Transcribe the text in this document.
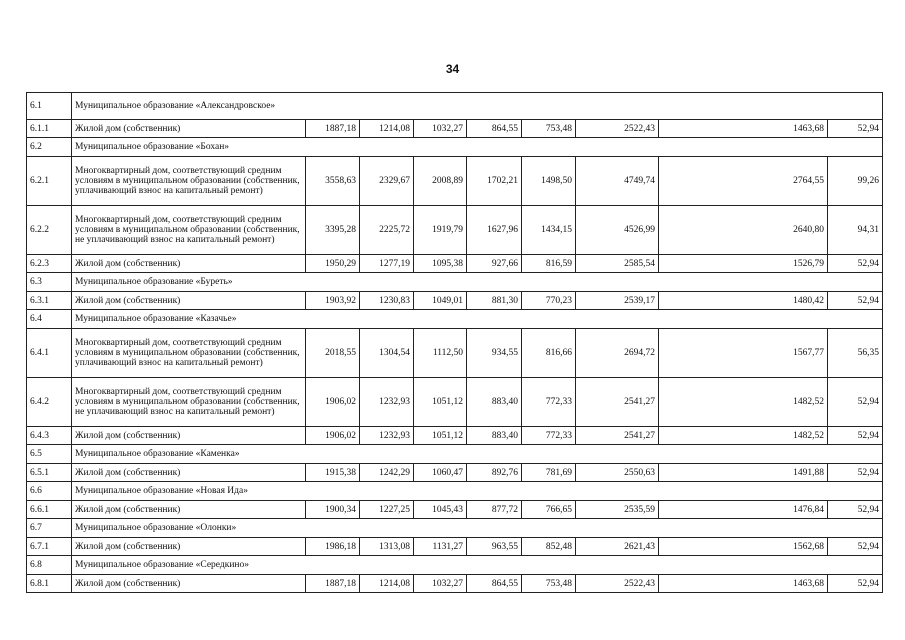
34
6.1	Муниципальное образование «Александровское»								
6.1.1	Жилой дом (собственник)	1887,18	1214,08	1032,27	864,55	753,48	2522,43	1463,68	52,94
6.2	Муниципальное образование «Бохан»								
6.2.1	Многоквартирный дом, соответствующий средним условиям в муниципальном образовании (собственник, уплачивающий взнос на капитальный ремонт)	3558,63	2329,67	2008,89	1702,21	1498,50	4749,74	2764,55	99,26
6.2.2	Многоквартирный дом, соответствующий средним условиям в муниципальном образовании (собственник, не уплачивающий взнос на капитальный ремонт)	3395,28	2225,72	1919,79	1627,96	1434,15	4526,99	2640,80	94,31
6.2.3	Жилой дом (собственник)	1950,29	1277,19	1095,38	927,66	816,59	2585,54	1526,79	52,94
6.3	Муниципальное образование «Буреть»								
6.3.1	Жилой дом (собственник)	1903,92	1230,83	1049,01	881,30	770,23	2539,17	1480,42	52,94
6.4	Муниципальное образование «Казачье»								
6.4.1	Многоквартирный дом, соответствующий средним условиям в муниципальном образовании (собственник, уплачивающий взнос на капитальный ремонт)	2018,55	1304,54	1112,50	934,55	816,66	2694,72	1567,77	56,35
6.4.2	Многоквартирный дом, соответствующий средним условиям в муниципальном образовании (собственник, не уплачивающий взнос на капитальный ремонт)	1906,02	1232,93	1051,12	883,40	772,33	2541,27	1482,52	52,94
6.4.3	Жилой дом (собственник)	1906,02	1232,93	1051,12	883,40	772,33	2541,27	1482,52	52,94
6.5	Муниципальное образование «Каменка»								
6.5.1	Жилой дом (собственник)	1915,38	1242,29	1060,47	892,76	781,69	2550,63	1491,88	52,94
6.6	Муниципальное образование «Новая Ида»								
6.6.1	Жилой дом (собственник)	1900,34	1227,25	1045,43	877,72	766,65	2535,59	1476,84	52,94
6.7	Муниципальное образование «Олонки»								
6.7.1	Жилой дом (собственник)	1986,18	1313,08	1131,27	963,55	852,48	2621,43	1562,68	52,94
6.8	Муниципальное образование «Середкино»								
6.8.1	Жилой дом (собственник)	1887,18	1214,08	1032,27	864,55	753,48	2522,43	1463,68	52,94
